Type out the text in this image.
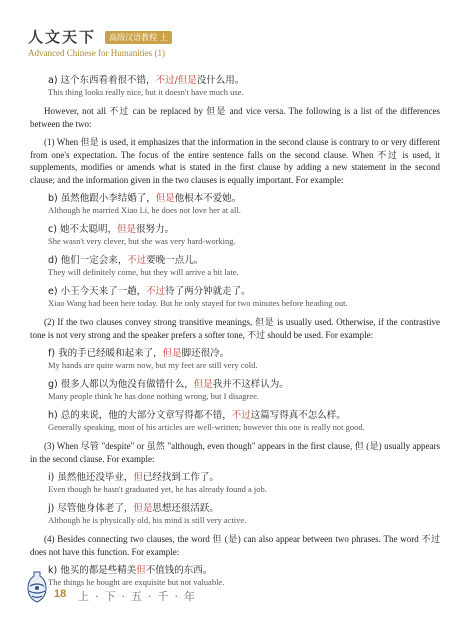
人文天下 高级汉语教程 上
Advanced Chinese for Humanities (1)
a) 这个东西看着很不错，不过/但是没什么用。
This thing looks really nice, but it doesn't have much use.

However, not all 不过 can be replaced by 但是 and vice versa. The following is a list of the differences between the two:

(1) When 但是 is used, it emphasizes that the information in the second clause is contrary to or very different from one's expectation. The focus of the entire sentence falls on the second clause. When 不过 is used, it supplements, modifies or amends what is stated in the first clause by adding a new statement in the second clause; and the information given in the two clauses is equally important. For example:

b) 虽然他跟小李结婚了，但是他根本不爱她。
Although he married Xiao Li, he does not love her at all.
c) 她不太聪明，但是很努力。
She wasn't very clever, but she was very hard-working.
d) 他们一定会来，不过要晚一点儿。
They will definitely come, but they will arrive a bit late.
e) 小王今天来了一趟，不过待了两分钟就走了。
Xiao Wang had been here today. But he only stayed for two minutes before heading out.

(2) If the two clauses convey strong transitive meanings, 但是 is usually used. Otherwise, if the contrastive tone is not very strong and the speaker prefers a softer tone, 不过 should be used. For example:

f) 我的手已经暖和起来了，但是脚还很冷。
My hands are quite warm now, but my feet are still very cold.
g) 很多人都以为他没有做错什么，但是我并不这样认为。
Many people think he has done nothing wrong, but I disagree.
h) 总的来说，他的大部分文章写得都不错，不过这篇写得真不怎么样。
Generally speaking, most of his articles are well-written; however this one is really not good.

(3) When 尽管 "despite" or 虽然 "although, even though" appears in the first clause, 但 (是) usually appears in the second clause. For example:

i) 虽然他还没毕业，但已经找到工作了。
Even though he hasn't graduated yet, he has already found a job.
j) 尽管他身体老了，但是思想还很活跃。
Although he is physically old, his mind is still very active.

(4) Besides connecting two clauses, the word 但 (是) can also appear between two phrases. The word 不过 does not have this function. For example:

k) 他买的都是些精美但不值钱的东西。
The things he bought are exquisite but not valuable.
18 上·下·五·千·年
